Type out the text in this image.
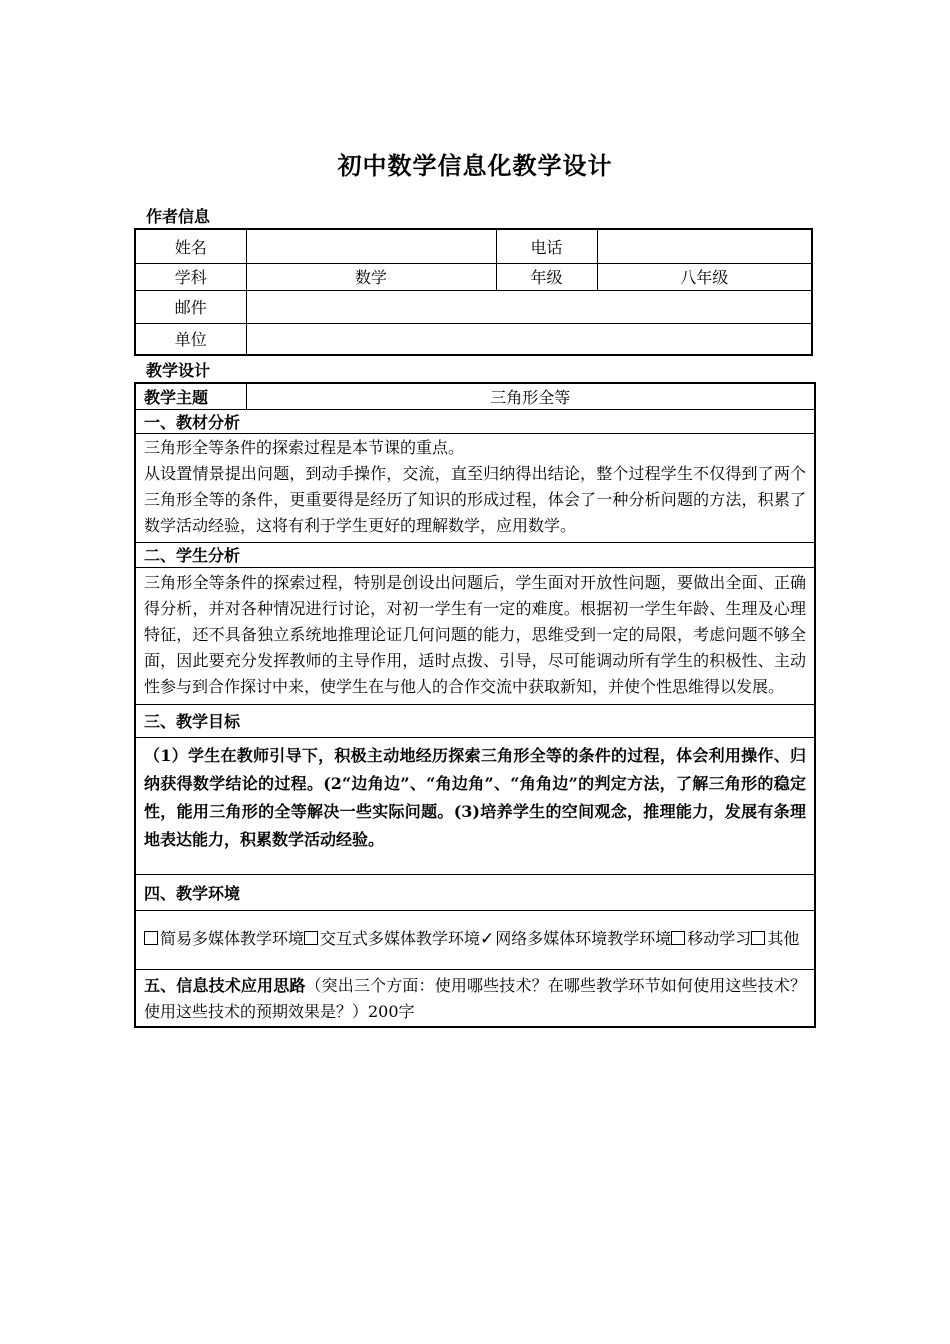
初中数学信息化教学设计
作者信息
姓名		电话	
学科	数学	年级	八年级
邮件			
单位			
教学设计
教学主题	三角形全等
一、教材分析

三角形全等条件的探索过程是本节课的重点。
从设置情景提出问题，到动手操作，交流，直至归纳得出结论，整个过程学生不仅得到了两个三角形全等的条件，更重要得是经历了知识的形成过程，体会了一种分析问题的方法，积累了数学活动经验，这将有利于学生更好的理解数学，应用数学。

二、学生分析

三角形全等条件的探索过程，特别是创设出问题后，学生面对开放性问题，要做出全面、正确得分析，并对各种情况进行讨论，对初一学生有一定的难度。根据初一学生年龄、生理及心理特征，还不具备独立系统地推理论证几何问题的能力，思维受到一定的局限，考虑问题不够全面，因此要充分发挥教师的主导作用，适时点拨、引导，尽可能调动所有学生的积极性、主动性参与到合作探讨中来，使学生在与他人的合作交流中获取新知，并使个性思维得以发展。

三、教学目标

（1）学生在教师引导下，积极主动地经历探索三角形全等的条件的过程，体会利用操作、归纳获得数学结论的过程。(2“边角边”、“角边角”、“角角边”的判定方法，了解三角形的稳定性，能用三角形的全等解决一些实际问题。(3)培养学生的空间观念，推理能力，发展有条理地表达能力，积累数学活动经验。

四、教学环境
简易多媒体教学环境 交互式多媒体教学环境✓网络多媒体环境教学环境 移动学习 其他
五、信息技术应用思路（突出三个方面：使用哪些技术？在哪些教学环节如何使用这些技术？使用这些技术的预期效果是？）200字
